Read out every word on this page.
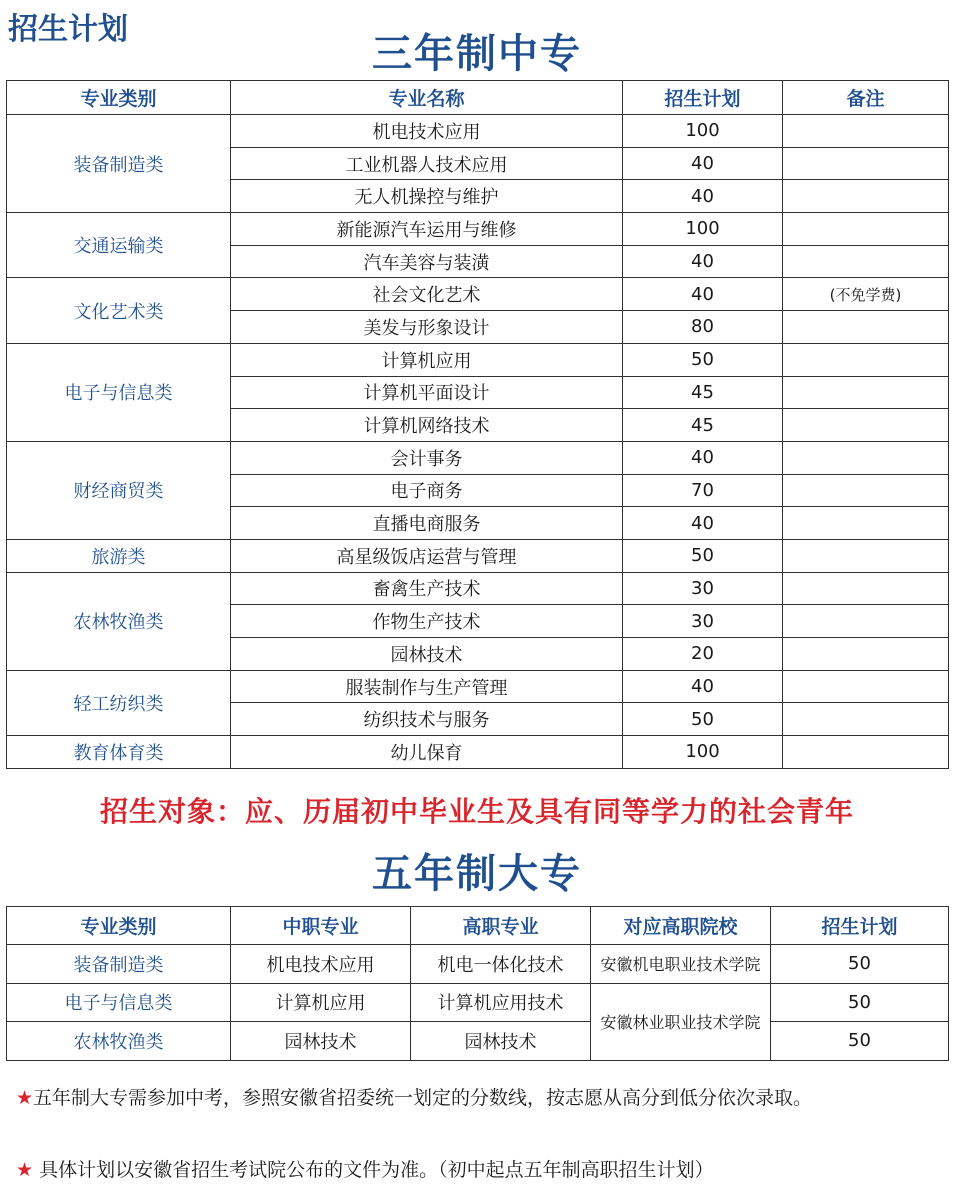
招生计划
三年制中专
专业类别	专业名称	招生计划	备注
装备制造类	机电技术应用	100	
	工业机器人技术应用	40	
	无人机操控与维护	40	
交通运输类	新能源汽车运用与维修	100	
	汽车美容与装潢	40	
文化艺术类	社会文化艺术	40	(不免学费)
	美发与形象设计	80	
电子与信息类	计算机应用	50	
	计算机平面设计	45	
	计算机网络技术	45	
财经商贸类	会计事务	40	
	电子商务	70	
	直播电商服务	40	
旅游类	高星级饭店运营与管理	50	
农林牧渔类	畜禽生产技术	30	
	作物生产技术	30	
	园林技术	20	
轻工纺织类	服装制作与生产管理	40	
	纺织技术与服务	50	
教育体育类	幼儿保育	100	
招生对象：应、历届初中毕业生及具有同等学力的社会青年
五年制大专
专业类别	中职专业	高职专业	对应高职院校	招生计划
装备制造类	机电技术应用	机电一体化技术	安徽机电职业技术学院	50
电子与信息类	计算机应用	计算机应用技术	安徽林业职业技术学院	50
农林牧渔类	园林技术	园林技术		50
★五年制大专需参加中考，参照安徽省招委统一划定的分数线，按志愿从高分到低分依次录取。
★ 具体计划以安徽省招生考试院公布的文件为准。（初中起点五年制高职招生计划）
